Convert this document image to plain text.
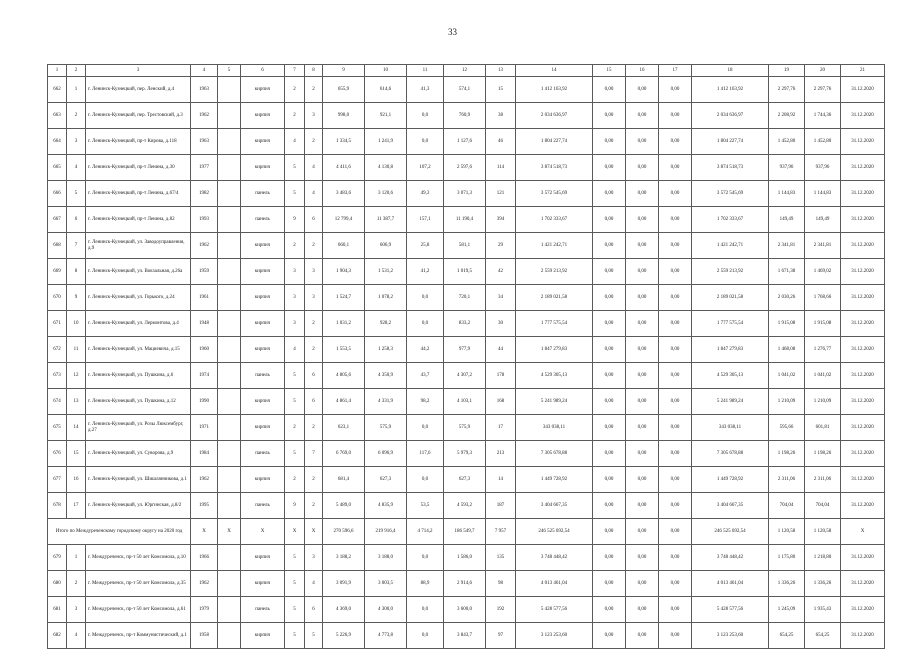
33
1	2	3	4	5	6	7	8	9	10	11	12	13	14	15	16	17	18	19	20	21
662	1	г. Ленинск-Кузнецкий, пер. Ленский, д.4	1963		кирпич	2	2	655,9	614,6	41,3	574,1	15	1 412 163,92	0,00	0,00	0,00	1 412 163,92	2 297,76	2 297,76	31.12.2020
663	2	г. Ленинск-Кузнецкий, пер. Трестовский, д.3	1962		кирпич	2	3	998,0	921,1	0,0	760,9	38	2 034 636,97	0,00	0,00	0,00	2 034 636,97	2 208,92	1 744,36	31.12.2020
664	3	г. Ленинск-Кузнецкий, пр-т Кирова, д.118	1963		кирпич	4	2	1 334,5	1 241,9	0,0	1 127,6	46	1 804 227,74	0,00	0,00	0,00	1 804 227,74	1 452,80	1 452,80	31.12.2020
665	4	г. Ленинск-Кузнецкий, пр-т Ленина, д.30	1977		кирпич	5	4	4 411,6	4 130,8	107,2	2 597,6	114	3 874 518,73	0,00	0,00	0,00	3 874 518,73	937,96	937,96	31.12.2020
666	5	г. Ленинск-Кузнецкий, пр-т Ленина, д.67/4	1982		панель	5	4	3 483,6	3 120,6	49,3	3 071,3	121	3 572 545,69	0,00	0,00	0,00	3 572 545,69	1 144,83	1 144,83	31.12.2020
667	6	г. Ленинск-Кузнецкий, пр-т Ленина, д.82	1993		панель	9	6	12 799,4	11 387,7	157,1	11 190,4	394	1 702 333,67	0,00	0,00	0,00	1 702 333,67	149,49	149,49	31.12.2020
668	7	г. Ленинск-Кузнецкий, ул. Заводоуправления, д.9	1962		кирпич	2	2	660,1	606,9	25,8	581,1	29	1 421 242,71	0,00	0,00	0,00	1 421 242,71	2 341,81	2 341,81	31.12.2020
669	8	г. Ленинск-Кузнецкий, ул. Вокзальная, д.26а	1959		кирпич	3	3	1 904,3	1 531,2	41,2	1 019,5	42	2 559 213,92	0,00	0,00	0,00	2 559 213,92	1 671,38	1 469,02	31.12.2020
670	9	г. Ленинск-Кузнецкий, ул. Горького, д.24	1961		кирпич	3	3	1 524,7	1 078,2	0,0	720,1	34	2 189 021,58	0,00	0,00	0,00	2 189 021,58	2 030,26	1 768,66	31.12.2020
671	10	г. Ленинск-Кузнецкий, ул. Лермонтова, д.4	1948		кирпич	3	2	1 031,2	928,2	0,0	833,2	30	1 777 575,54	0,00	0,00	0,00	1 777 575,54	1 915,08	1 915,08	31.12.2020
672	11	г. Ленинск-Кузнецкий, ул. Мациевича, д.15	1960		кирпич	4	2	1 553,5	1 258,3	44,2	977,9	44	1 847 279,83	0,00	0,00	0,00	1 847 279,83	1 468,08	1 276,77	31.12.2020
673	12	г. Ленинск-Кузнецкий, ул. Пушкина, д.6	1974		панель	5	6	4 805,6	4 350,9	43,7	4 307,2	178	4 529 305,13	0,00	0,00	0,00	4 529 305,13	1 041,02	1 041,02	31.12.2020
674	13	г. Ленинск-Кузнецкий, ул. Пушкина, д.12	1990		кирпич	5	6	4 861,4	4 331,9	98,2	4 103,1	168	5 241 989,24	0,00	0,00	0,00	5 241 989,24	1 210,09	1 210,09	31.12.2020
675	14	г. Ленинск-Кузнецкий, ул. Розы Люксембург, д.27	1971		кирпич	2	2	623,1	575,9	0,0	575,9	17	343 038,11	0,00	0,00	0,00	343 038,11	595,66	601,81	31.12.2020
676	15	г. Ленинск-Кузнецкий, ул. Суворова, д.9	1984		панель	5	7	6 769,0	6 096,9	117,6	5 979,3	213	7 305 678,88	0,00	0,00	0,00	7 305 678,88	1 198,26	1 198,26	31.12.2020
677	16	г. Ленинск-Кузнецкий, ул. Шишлянникова, д.1	1962		кирпич	2	2	681,4	627,3	0,0	627,3	14	1 449 728,92	0,00	0,00	0,00	1 449 728,92	2 311,06	2 311,06	31.12.2020
678	17	г. Ленинск-Кузнецкий, ул. Юргинская, д.8/2	1995		панель	9	2	5 489,0	4 835,9	53,5	4 593,2	187	3 404 667,35	0,00	0,00	0,00	3 404 667,35	704,04	704,04	31.12.2020
Итого по Междуреченскому городскому округу на 2020 год			X	X	X	X	X	270 596,6	219 916,4	4 714,2	186 549,7	7 957	246 525 692,54	0,00	0,00	0,00	246 525 692,54	1 120,58	1 120,58	X
679	1	г. Междуреченск, пр-т 50 лет Комсомола, д.10	1966		кирпич	5	3	3 188,2	3 188,0	0,0	1 586,0	135	3 748 448,42	0,00	0,00	0,00	3 748 448,42	1 175,80	1 218,80	31.12.2020
680	2	г. Междуреченск, пр-т 50 лет Комсомола, д.35	1962		кирпич	5	4	3 091,9	3 003,5	88,9	2 914,6	98	4 013 461,04	0,00	0,00	0,00	4 013 461,04	1 336,26	1 336,26	31.12.2020
681	3	г. Междуреченск, пр-т 50 лет Комсомола, д.61	1979		панель	5	6	4 369,0	4 300,0	0,0	3 600,0	192	5 428 577,56	0,00	0,00	0,00	5 428 577,56	1 245,09	1 935,43	31.12.2020
682	4	г. Междуреченск, пр-т Коммунистический, д.1	1958		кирпич	5	5	5 226,9	4 773,8	0,0	3 843,7	97	3 123 253,60	0,00	0,00	0,00	3 123 253,60	654,25	654,25	31.12.2020
